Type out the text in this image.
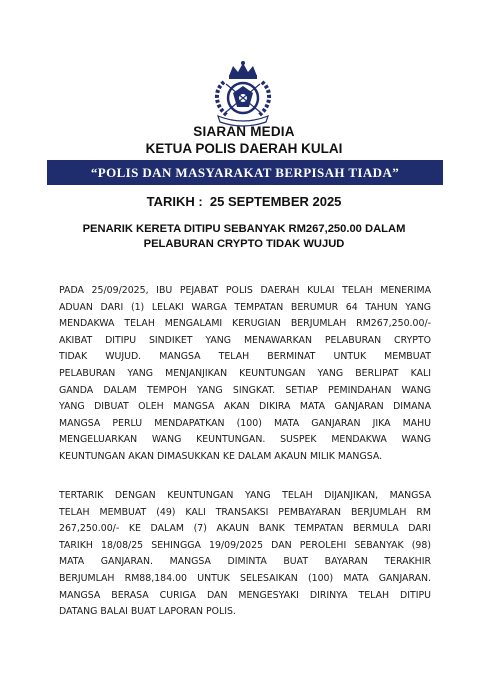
SIARAN MEDIA
KETUA POLIS DAERAH KULAI
“POLIS DAN MASYARAKAT BERPISAH TIADA”
TARIKH :  25 SEPTEMBER 2025
PENARIK KERETA DITIPU SEBANYAK RM267,250.00 DALAM
PELABURAN CRYPTO TIDAK WUJUD
PADA 25/09/2025, IBU PEJABAT POLIS DAERAH KULAI TELAH MENERIMA
ADUAN DARI (1) LELAKI WARGA TEMPATAN BERUMUR 64 TAHUN YANG
MENDAKWA TELAH MENGALAMI KERUGIAN BERJUMLAH RM267,250.00/-
AKIBAT DITIPU SINDIKET YANG MENAWARKAN PELABURAN CRYPTO
TIDAK WUJUD. MANGSA TELAH BERMINAT UNTUK MEMBUAT
PELABURAN YANG MENJANJIKAN KEUNTUNGAN YANG BERLIPAT KALI
GANDA DALAM TEMPOH YANG SINGKAT. SETIAP PEMINDAHAN WANG
YANG DIBUAT OLEH MANGSA AKAN DIKIRA MATA GANJARAN DIMANA
MANGSA PERLU MENDAPATKAN (100) MATA GANJARAN JIKA MAHU
MENGELUARKAN WANG KEUNTUNGAN. SUSPEK MENDAKWA WANG
KEUNTUNGAN AKAN DIMASUKKAN KE DALAM AKAUN MILIK MANGSA.
TERTARIK DENGAN KEUNTUNGAN YANG TELAH DIJANJIKAN, MANGSA
TELAH MEMBUAT (49) KALI TRANSAKSI PEMBAYARAN BERJUMLAH RM
267,250.00/- KE DALAM (7) AKAUN BANK TEMPATAN BERMULA DARI
TARIKH 18/08/25 SEHINGGA 19/09/2025 DAN PEROLEHI SEBANYAK (98)
MATA GANJARAN. MANGSA DIMINTA BUAT BAYARAN TERAKHIR
BERJUMLAH RM88,184.00 UNTUK SELESAIKAN (100) MATA GANJARAN.
MANGSA BERASA CURIGA DAN MENGESYAKI DIRINYA TELAH DITIPU
DATANG BALAI BUAT LAPORAN POLIS.
